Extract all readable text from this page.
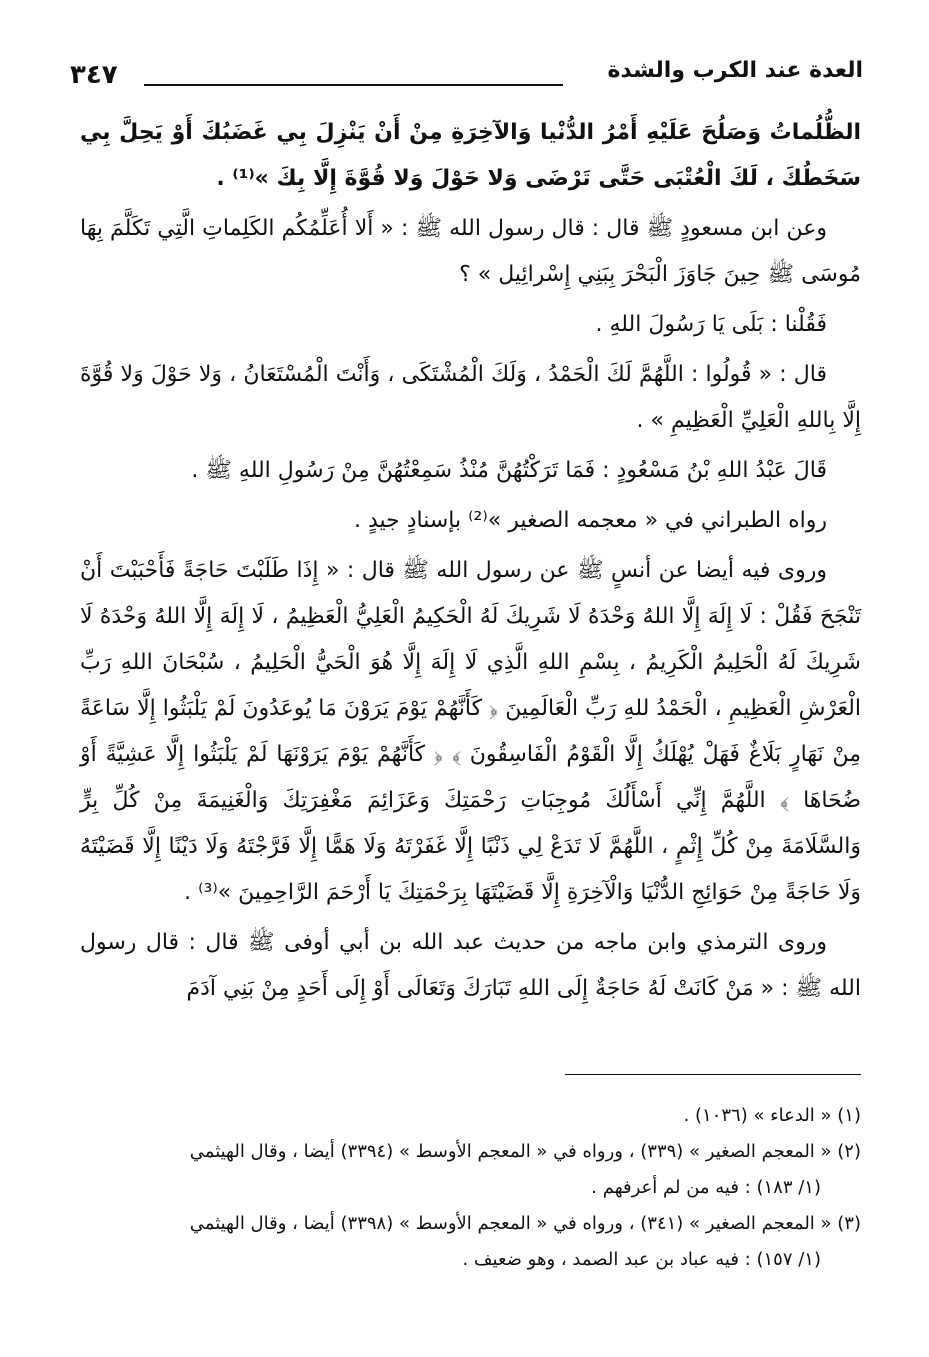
العدة عند الكرب والشدة
٣٤٧

الظُّلُماتُ وَصَلُحَ عَلَيْهِ أَمْرُ الدُّنْيا وَالآخِرَةِ مِنْ أَنْ يَنْزِلَ بِي غَضَبُكَ أَوْ يَحِلَّ بِي سَخَطُكَ ، لَكَ الْعُتْبَى حَتَّى تَرْضَى وَلا حَوْلَ وَلا قُوَّةَ إِلَّا بِكَ »⁽¹⁾ .

وعن ابن مسعودٍ ﷺ قال : قال رسول الله ﷺ : « أَلا أُعَلِّمُكُم الكَلِماتِ الَّتِي تَكَلَّمَ بِهَا مُوسَى ﷺ حِينَ جَاوَزَ الْبَحْرَ بِبَنِي إِسْرائِيل » ؟

فَقُلْنا : بَلَى يَا رَسُولَ اللهِ .

قال : « قُولُوا : اللَّهُمَّ لَكَ الْحَمْدُ ، وَلَكَ الْمُشْتَكَى ، وَأَنْتَ الْمُسْتَعَانُ ، وَلا حَوْلَ وَلا قُوَّةَ إِلَّا بِاللهِ الْعَلِيِّ الْعَظِيمِ » .

قَالَ عَبْدُ اللهِ بْنُ مَسْعُودٍ : فَمَا تَرَكْتُهُنَّ مُنْذُ سَمِعْتُهُنَّ مِنْ رَسُولِ اللهِ ﷺ .

رواه الطبراني في « معجمه الصغير »⁽²⁾ بإسنادٍ جيدٍ .

وروى فيه أيضا عن أنسٍ ﷺ عن رسول الله ﷺ قال : « إِذَا طَلَبْتَ حَاجَةً فَأَحْبَبْتَ أَنْ تَنْجَحَ فَقُلْ : لَا إِلَهَ إِلَّا اللهُ وَحْدَهُ لَا شَرِيكَ لَهُ الْحَكِيمُ الْعَلِيُّ الْعَظِيمُ ، لَا إِلَهَ إِلَّا اللهُ وَحْدَهُ لَا شَرِيكَ لَهُ الْحَلِيمُ الْكَرِيمُ ، بِسْمِ اللهِ الَّذِي لَا إِلَهَ إِلَّا هُوَ الْحَيُّ الْحَلِيمُ ، سُبْحَانَ اللهِ رَبِّ الْعَرْشِ الْعَظِيمِ ، الْحَمْدُ للهِ رَبِّ الْعَالَمِينَ ﴿ كَأَنَّهُمْ يَوْمَ يَرَوْنَ مَا يُوعَدُونَ لَمْ يَلْبَثُوا إِلَّا سَاعَةً مِنْ نَهَارٍ بَلَاغٌ فَهَلْ يُهْلَكُ إِلَّا الْقَوْمُ الْفَاسِقُونَ ﴾ ﴿ كَأَنَّهُمْ يَوْمَ يَرَوْنَهَا لَمْ يَلْبَثُوا إِلَّا عَشِيَّةً أَوْ ضُحَاهَا ﴾ اللَّهُمَّ إِنِّي أَسْأَلُكَ مُوجِبَاتِ رَحْمَتِكَ وَعَزَائِمَ مَغْفِرَتِكَ وَالْغَنِيمَةَ مِنْ كُلِّ بِرٍّ وَالسَّلَامَةَ مِنْ كُلِّ إِثْمٍ ، اللَّهُمَّ لَا تَدَعْ لِي ذَنْبًا إِلَّا غَفَرْتَهُ وَلَا هَمًّا إِلَّا فَرَّجْتَهُ وَلَا دَيْنًا إِلَّا قَضَيْتَهُ وَلَا حَاجَةً مِنْ حَوَائِجِ الدُّنْيَا وَالْآخِرَةِ إِلَّا قَضَيْتَهَا بِرَحْمَتِكَ يَا أَرْحَمَ الرَّاحِمِينَ »⁽³⁾ .

وروى الترمذي وابن ماجه من حديث عبد الله بن أبي أوفى ﷺ قال : قال رسول الله ﷺ : « مَنْ كَانَتْ لَهُ حَاجَةٌ إِلَى اللهِ تَبَارَكَ وَتَعَالَى أَوْ إِلَى أَحَدٍ مِنْ بَنِي آدَمَ

(١) « الدعاء » (١٠٣٦) .

(٢) « المعجم الصغير » (٣٣٩) ، ورواه في « المعجم الأوسط » (٣٣٩٤) أيضا ، وقال الهيثمي

(١/ ١٨٣) : فيه من لم أعرفهم .

(٣) « المعجم الصغير » (٣٤١) ، ورواه في « المعجم الأوسط » (٣٣٩٨) أيضا ، وقال الهيثمي

(١/ ١٥٧) : فيه عباد بن عبد الصمد ، وهو ضعيف .
